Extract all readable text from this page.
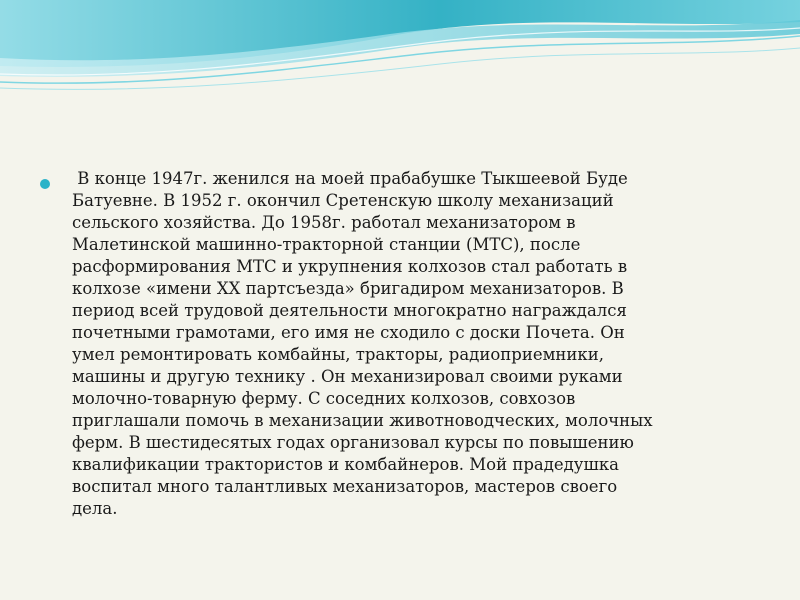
В конце 1947г. женился на моей прабабушке Тыкшеевой Буде
Батуевне. В 1952 г. окончил Сретенскую школу механизаций
сельского хозяйства. До 1958г. работал механизатором в
Малетинской машинно-тракторной станции (МТС), после
расформирования МТС и укрупнения колхозов стал работать в
колхозе «имени XX партсъезда» бригадиром механизаторов. В
период всей трудовой деятельности многократно награждался
почетными грамотами, его имя не сходило с доски Почета. Он
умел ремонтировать комбайны, тракторы, радиоприемники,
машины и другую технику . Он механизировал своими руками
молочно-товарную ферму. С соседних колхозов, совхозов
приглашали помочь в механизации животноводческих, молочных
ферм. В шестидесятых годах организовал курсы по повышению
квалификации трактористов и комбайнеров. Мой прадедушка
воспитал много талантливых механизаторов, мастеров своего
дела.
